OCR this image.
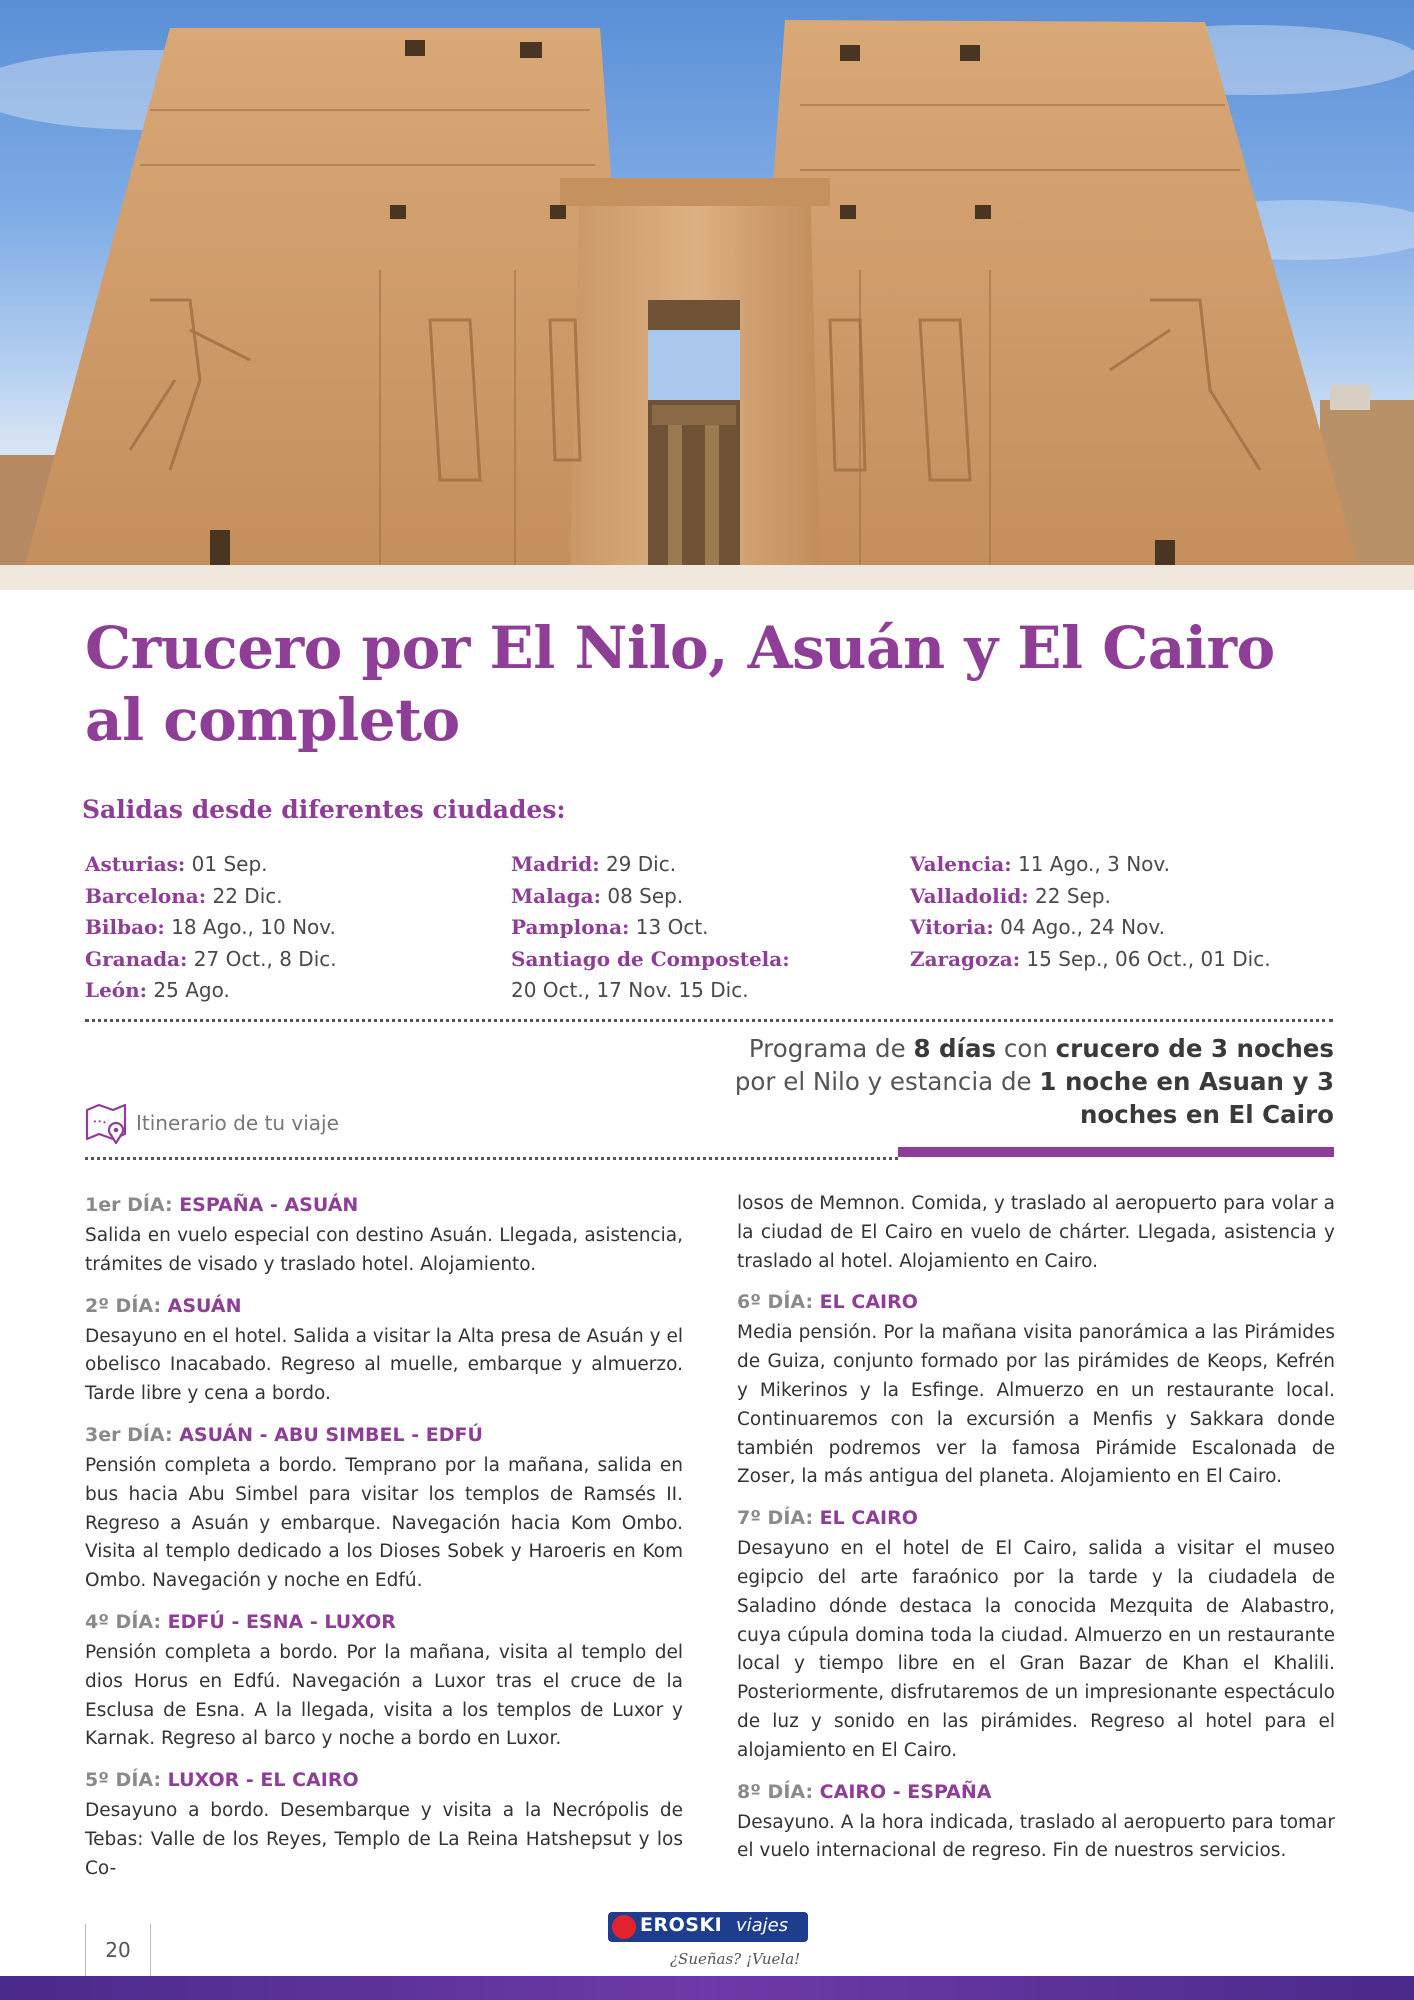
Crucero por El Nilo, Asuán y El Cairo al completo
Salidas desde diferentes ciudades:
Asturias: 01 Sep.
Barcelona: 22 Dic.
Bilbao: 18 Ago., 10 Nov.
Granada: 27 Oct., 8 Dic.
León: 25 Ago.
Madrid: 29 Dic.
Malaga: 08 Sep.
Pamplona: 13 Oct.
Santiago de Compostela:
20 Oct., 17 Nov. 15 Dic.
Valencia: 11 Ago., 3 Nov.
Valladolid: 22 Sep.
Vitoria: 04 Ago., 24 Nov.
Zaragoza: 15 Sep., 06 Oct., 01 Dic.
Programa de 8 días con crucero de 3 noches por el Nilo y estancia de 1 noche en Asuan y 3 noches en El Cairo
Itinerario de tu viaje

1er DÍA: ESPAÑA - ASUÁN

Salida en vuelo especial con destino Asuán. Llegada, asistencia, trámites de visado y traslado hotel. Alojamiento.

2º DÍA: ASUÁN

Desayuno en el hotel. Salida a visitar la Alta presa de Asuán y el obelisco Inacabado. Regreso al muelle, embarque y almuerzo. Tarde libre y cena a bordo.

3er DÍA: ASUÁN - ABU SIMBEL - EDFÚ

Pensión completa a bordo. Temprano por la mañana, salida en bus hacia Abu Simbel para visitar los templos de Ramsés II. Regreso a Asuán y embarque. Navegación hacia Kom Ombo. Visita al templo dedicado a los Dioses Sobek y Haroeris en Kom Ombo. Navegación y noche en Edfú.

4º DÍA: EDFÚ - ESNA - LUXOR

Pensión completa a bordo. Por la mañana, visita al templo del dios Horus en Edfú. Navegación a Luxor tras el cruce de la Esclusa de Esna. A la llegada, visita a los templos de Luxor y Karnak. Regreso al barco y noche a bordo en Luxor.

5º DÍA: LUXOR - EL CAIRO

Desayuno a bordo. Desembarque y visita a la Necrópolis de Tebas: Valle de los Reyes, Templo de La Reina Hatshepsut y los Co-

losos de Memnon. Comida, y traslado al aeropuerto para volar a la ciudad de El Cairo en vuelo de chárter. Llegada, asistencia y traslado al hotel. Alojamiento en Cairo.

6º DÍA: EL CAIRO

Media pensión. Por la mañana visita panorámica a las Pirámides de Guiza, conjunto formado por las pirámides de Keops, Kefrén y Mikerinos y la Esfinge. Almuerzo en un restaurante local. Continuaremos con la excursión a Menfis y Sakkara donde también podremos ver la famosa Pirámide Escalonada de Zoser, la más antigua del planeta. Alojamiento en El Cairo.

7º DÍA: EL CAIRO

Desayuno en el hotel de El Cairo, salida a visitar el museo egipcio del arte faraónico por la tarde y la ciudadela de Saladino dónde destaca la conocida Mezquita de Alabastro, cuya cúpula domina toda la ciudad. Almuerzo en un restaurante local y tiempo libre en el Gran Bazar de Khan el Khalili. Posteriormente, disfrutaremos de un impresionante espectáculo de luz y sonido en las pirámides. Regreso al hotel para el alojamiento en El Cairo.

8º DÍA: CAIRO - ESPAÑA

Desayuno. A la hora indicada, traslado al aeropuerto para tomar el vuelo internacional de regreso. Fin de nuestros servicios.

20
EROSKI viajes
¿Sueñas? ¡Vuela!
